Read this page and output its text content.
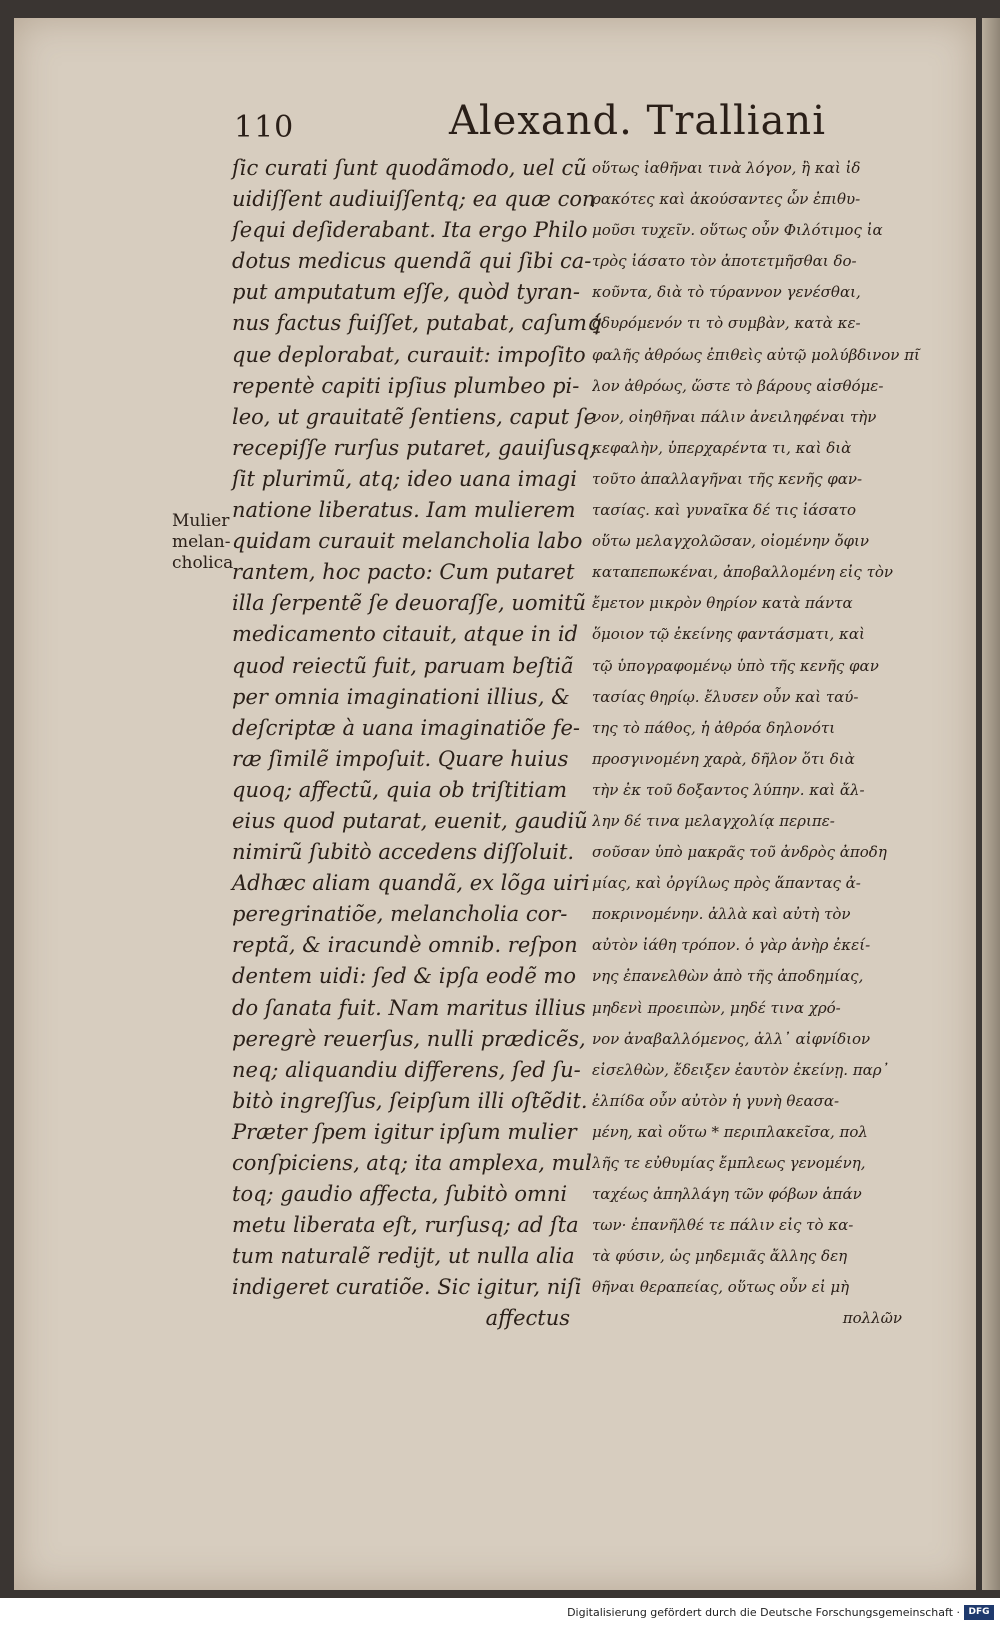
110	Alexand. Tralliani
Mulier
melan-
cholica
ſic curati ſunt quodãmodo, uel cũ
uidiſſent audiuiſſentq; ea quæ con
ſequi deſiderabant. Ita ergo Philo
dotus medicus quendã qui ſibi ca-
put amputatum eſſe, quòd tyran-
nus factus fuiſſet, putabat, caſumꝗ́
que deplorabat, curauit: impoſito
repentè capiti ipſius plumbeo pi-
leo, ut grauitatẽ ſentiens, caput ſe
recepiſſe rurſus putaret, gauiſusq;
ſit plurimũ, atq; ideo uana imagi
natione liberatus. Iam mulierem
quidam curauit melancholia labo
rantem, hoc pacto: Cum putaret
illa ſerpentẽ ſe deuoraſſe, uomitũ
medicamento citauit, atque in id
quod reiectũ fuit, paruam beſtiã
per omnia imaginationi illius, &
deſcriptæ à uana imaginatiõe fe-
ræ ſimilẽ impoſuit. Quare huius
quoq; affectũ, quia ob triſtitiam
eius quod putarat, euenit, gaudiũ
nimirũ ſubitò accedens diſſoluit.
Adhæc aliam quandã, ex lõga uiri
peregrinatiõe, melancholia cor-
reptã, & iracundè omnib. reſpon
dentem uidi: ſed & ipſa eodẽ mo
do ſanata fuit. Nam maritus illius
peregrè reuerſus, nulli prædicẽs,
neq; aliquandiu differens, ſed ſu-
bitò ingreſſus, ſeipſum illi oſtẽdit.
Præter ſpem igitur ipſum mulier
conſpiciens, atq; ita amplexa, mul
toq; gaudio affecta, ſubitò omni
metu liberata eſt, rurſusq; ad ſta
tum naturalẽ redijt, ut nulla alia
indigeret curatiõe. Sic igitur, niſi
affectus
οὕτως ἰαθῆναι τινὰ λόγον, ἢ καὶ ἰδ
ρακότες καὶ ἀκούσαντες ὧν ἐπιθυ-
μοῦσι τυχεῖν. οὕτως οὖν Φιλότιμος ἰα
τρὸς ἰάσατο τὸν ἀποτετμῆσθαι δο-
κοῦντα, διὰ τὸ τύραννον γενέσθαι,
ὀδυρόμενόν τι τὸ συμβὰν, κατὰ κε-
φαλῆς ἀθρόως ἐπιθεὶς αὐτῷ μολύβδινον πῖ
λον ἀθρόως, ὥστε τὸ βάρους αἰσθόμε-
νον, οἰηθῆναι πάλιν ἀνειληφέναι τὴν
κεφαλὴν, ὑπερχαρέντα τι, καὶ διὰ
τοῦτο ἀπαλλαγῆναι τῆς κενῆς φαν-
τασίας. καὶ γυναῖκα δέ τις ἰάσατο
οὕτω μελαγχολῶσαν, οἰομένην ὄφιν
καταπεπωκέναι, ἀποβαλλομένη εἰς τὸν
ἔμετον μικρὸν θηρίον κατὰ πάντα
ὅμοιον τῷ ἐκείνης φαντάσματι, καὶ
τῷ ὑπογραφομένῳ ὑπὸ τῆς κενῆς φαν
τασίας θηρίῳ. ἔλυσεν οὖν καὶ ταύ-
της τὸ πάθος, ἡ ἀθρόα δηλονότι
προσγινομένη χαρὰ, δῆλον ὅτι διὰ
τὴν ἐκ τοῦ δοξαντος λύπην. καὶ ἄλ-
λην δέ τινα μελαγχολίᾳ περιπε-
σοῦσαν ὑπὸ μακρᾶς τοῦ ἀνδρὸς ἀποδη
μίας, καὶ ὀργίλως πρὸς ἅπαντας ἀ-
ποκρινομένην. ἀλλὰ καὶ αὐτὴ τὸν
αὐτὸν ἰάθη τρόπον. ὁ γὰρ ἀνὴρ ἐκεί-
νης ἐπανελθὼν ἀπὸ τῆς ἀποδημίας,
μηδενὶ προειπὼν, μηδέ τινα χρό-
νον ἀναβαλλόμενος, ἀλλ᾽ αἰφνίδιον
εἰσελθὼν, ἔδειξεν ἑαυτὸν ἐκείνῃ. παρ᾽
ἐλπίδα οὖν αὐτὸν ἡ γυνὴ θεασα-
μένη, καὶ οὕτω * περιπλακεῖσα, πολ
λῆς τε εὐθυμίας ἔμπλεως γενομένη,
ταχέως ἀπηλλάγη τῶν φόβων ἁπάν
των· ἐπανῆλθέ τε πάλιν εἰς τὸ κα-
τὰ φύσιν, ὡς μηδεμιᾶς ἄλλης δεη
θῆναι θεραπείας, οὕτως οὖν εἰ μὴ
πολλῶν
Digitalisierung gefördert durch die Deutsche Forschungsgemeinschaft · DFG
